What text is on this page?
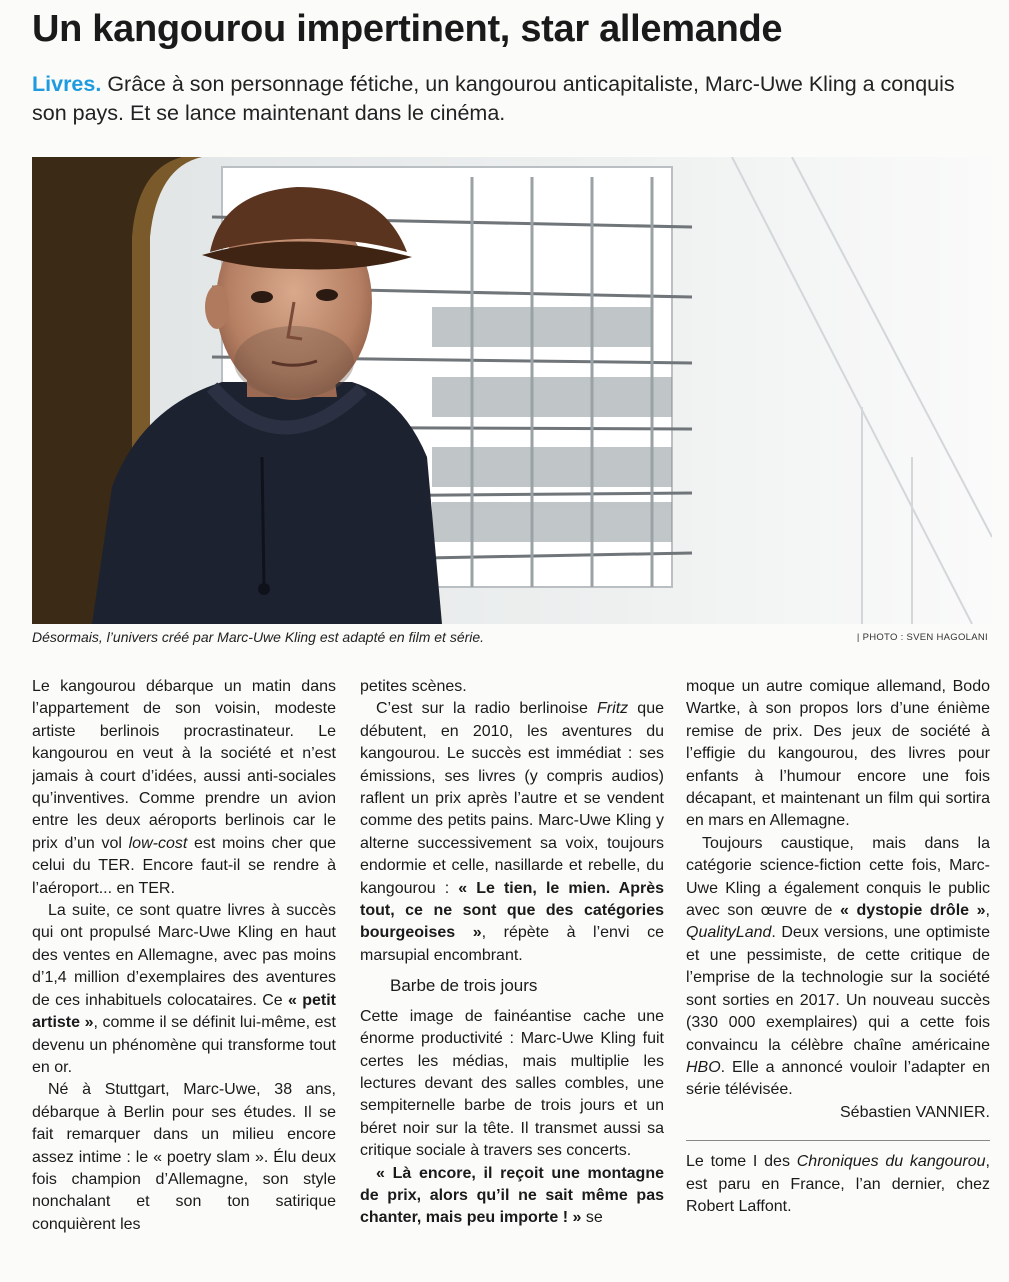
Un kangourou impertinent, star allemande

Livres. Grâce à son personnage fétiche, un kangourou anticapitaliste, Marc-Uwe Kling a conquis son pays. Et se lance maintenant dans le cinéma.

Désormais, l’univers créé par Marc-Uwe Kling est adapté en film et série.	| PHOTO : SVEN HAGOLANI

Le kangourou débarque un matin dans l’appartement de son voisin, modeste artiste berlinois procrastinateur. Le kangourou en veut à la société et n’est jamais à court d’idées, aussi anti-sociales qu’inventives. Comme prendre un avion entre les deux aéroports berlinois car le prix d’un vol low-cost est moins cher que celui du TER. Encore faut-il se rendre à l’aéroport... en TER.

La suite, ce sont quatre livres à succès qui ont propulsé Marc-Uwe Kling en haut des ventes en Allemagne, avec pas moins d’1,4 million d’exemplaires des aventures de ces inhabituels colocataires. Ce « petit artiste », comme il se définit lui-même, est devenu un phénomène qui transforme tout en or.

Né à Stuttgart, Marc-Uwe, 38 ans, débarque à Berlin pour ses études. Il se fait remarquer dans un milieu encore assez intime : le « poetry slam ». Élu deux fois champion d’Allemagne, son style nonchalant et son ton satirique conquièrent les

petites scènes.

C’est sur la radio berlinoise Fritz que débutent, en 2010, les aventures du kangourou. Le succès est immédiat : ses émissions, ses livres (y compris audios) raflent un prix après l’autre et se vendent comme des petits pains. Marc-Uwe Kling y alterne successivement sa voix, toujours endormie et celle, nasillarde et rebelle, du kangourou : « Le tien, le mien. Après tout, ce ne sont que des catégories bourgeoises », répète à l’envi ce marsupial encombrant.

Barbe de trois jours

Cette image de fainéantise cache une énorme productivité : Marc-Uwe Kling fuit certes les médias, mais multiplie les lectures devant des salles combles, une sempiternelle barbe de trois jours et un béret noir sur la tête. Il transmet aussi sa critique sociale à travers ses concerts.

« Là encore, il reçoit une montagne de prix, alors qu’il ne sait même pas chanter, mais peu importe ! » se

moque un autre comique allemand, Bodo Wartke, à son propos lors d’une énième remise de prix. Des jeux de société à l’effigie du kangourou, des livres pour enfants à l’humour encore une fois décapant, et maintenant un film qui sortira en mars en Allemagne.

Toujours caustique, mais dans la catégorie science-fiction cette fois, Marc-Uwe Kling a également conquis le public avec son œuvre de « dystopie drôle », QualityLand. Deux versions, une optimiste et une pessimiste, de cette critique de l’emprise de la technologie sur la société sont sorties en 2017. Un nouveau succès (330 000 exemplaires) qui a cette fois convaincu la célèbre chaîne américaine HBO. Elle a annoncé vouloir l’adapter en série télévisée.

Sébastien VANNIER.

Le tome I des Chroniques du kangourou, est paru en France, l’an dernier, chez Robert Laffont.
